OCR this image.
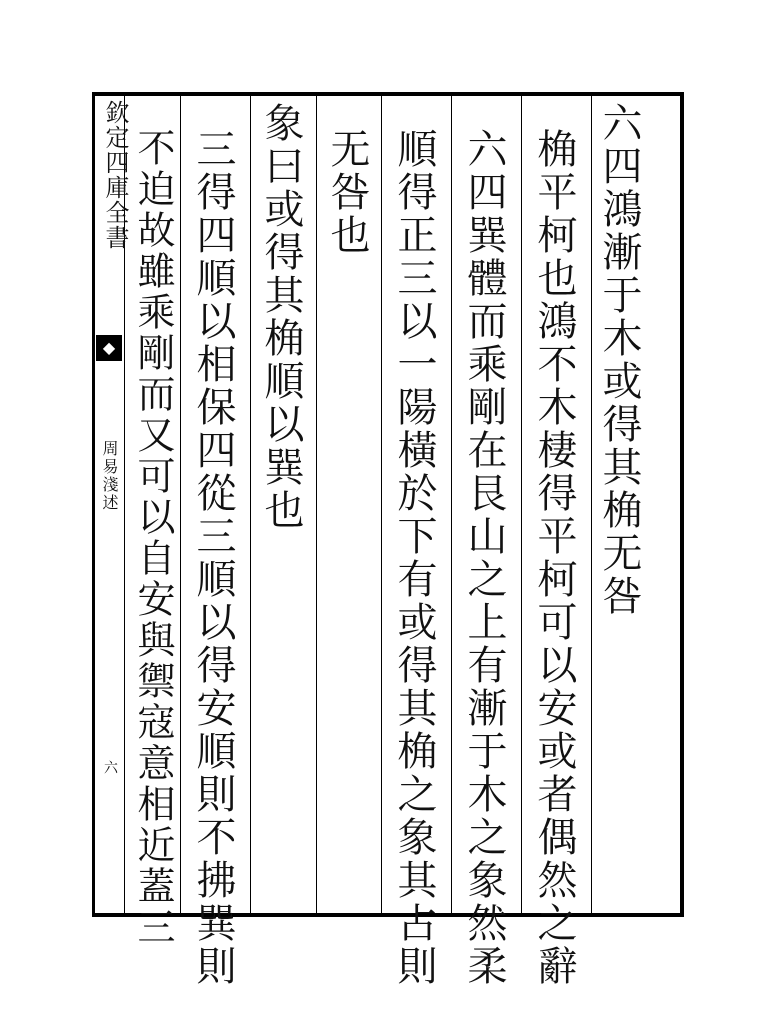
欽定四庫全書
◆
周易淺述
六
六四鴻漸于木或得其桷无咎
桷平柯也鴻不木棲得平柯可以安或者偶然之辭
六四巽體而乘剛在艮山之上有漸于木之象然柔
順得正三以一陽橫於下有或得其桷之象其占則
无咎也
象曰或得其桷順以巽也
三得四順以相保四從三順以得安順則不拂巽則
不迫故雖乘剛而又可以自安與禦寇意相近蓋三
